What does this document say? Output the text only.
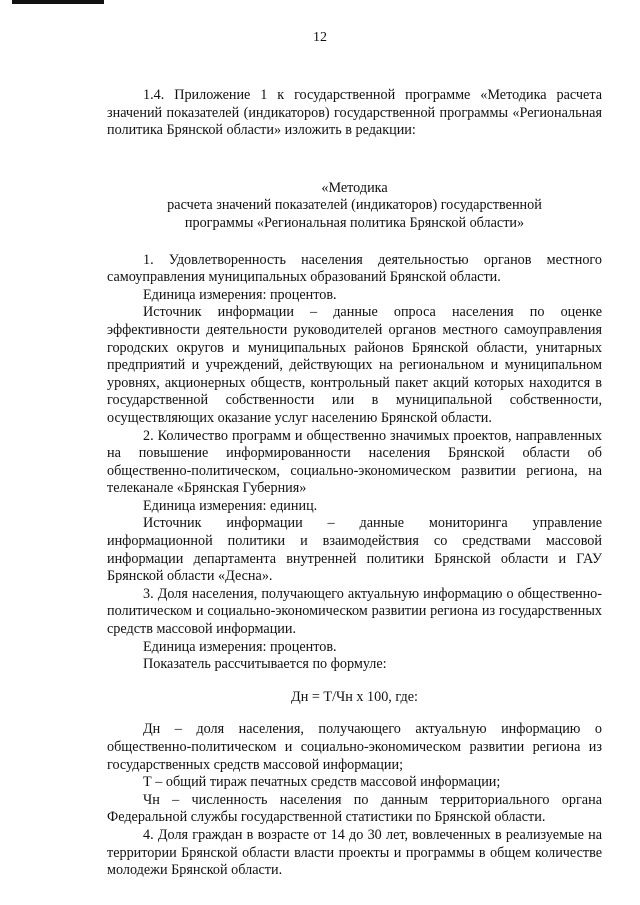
12

1.4. Приложение 1 к государственной программе «Методика расчета значений показателей (индикаторов) государственной программы «Региональная политика Брянской области» изложить в редакции:

«Методика

расчета значений показателей (индикаторов) государственной

программы «Региональная политика Брянской области»

1. Удовлетворенность населения деятельностью органов местного самоуправления муниципальных образований Брянской области.

Единица измерения: процентов.

Источник информации – данные опроса населения по оценке эффективности деятельности руководителей органов местного самоуправления городских округов и муниципальных районов Брянской области, унитарных предприятий и учреждений, действующих на региональном и муниципальном уровнях, акционерных обществ, контрольный пакет акций которых находится в государственной собственности или в муниципальной собственности, осуществляющих оказание услуг населению Брянской области.

2. Количество программ и общественно значимых проектов, направленных на повышение информированности населения Брянской области об общественно-политическом, социально-экономическом развитии региона, на телеканале «Брянская Губерния»

Единица измерения: единиц.

Источник информации – данные мониторинга управление информационной политики и взаимодействия со средствами массовой информации департамента внутренней политики Брянской области и ГАУ Брянской области «Десна».

3. Доля населения, получающего актуальную информацию о общественно-политическом и социально-экономическом развитии региона из государственных средств массовой информации.

Единица измерения: процентов.

Показатель рассчитывается по формуле:

Дн = Т/Чн х 100, где:

Дн – доля населения, получающего актуальную информацию о общественно-политическом и социально-экономическом развитии региона из государственных средств массовой информации;

Т – общий тираж печатных средств массовой информации;

Чн – численность населения по данным территориального органа Федеральной службы государственной статистики по Брянской области.

4. Доля граждан в возрасте от 14 до 30 лет, вовлеченных в реализуемые на территории Брянской области власти проекты и программы в общем количестве молодежи Брянской области.
